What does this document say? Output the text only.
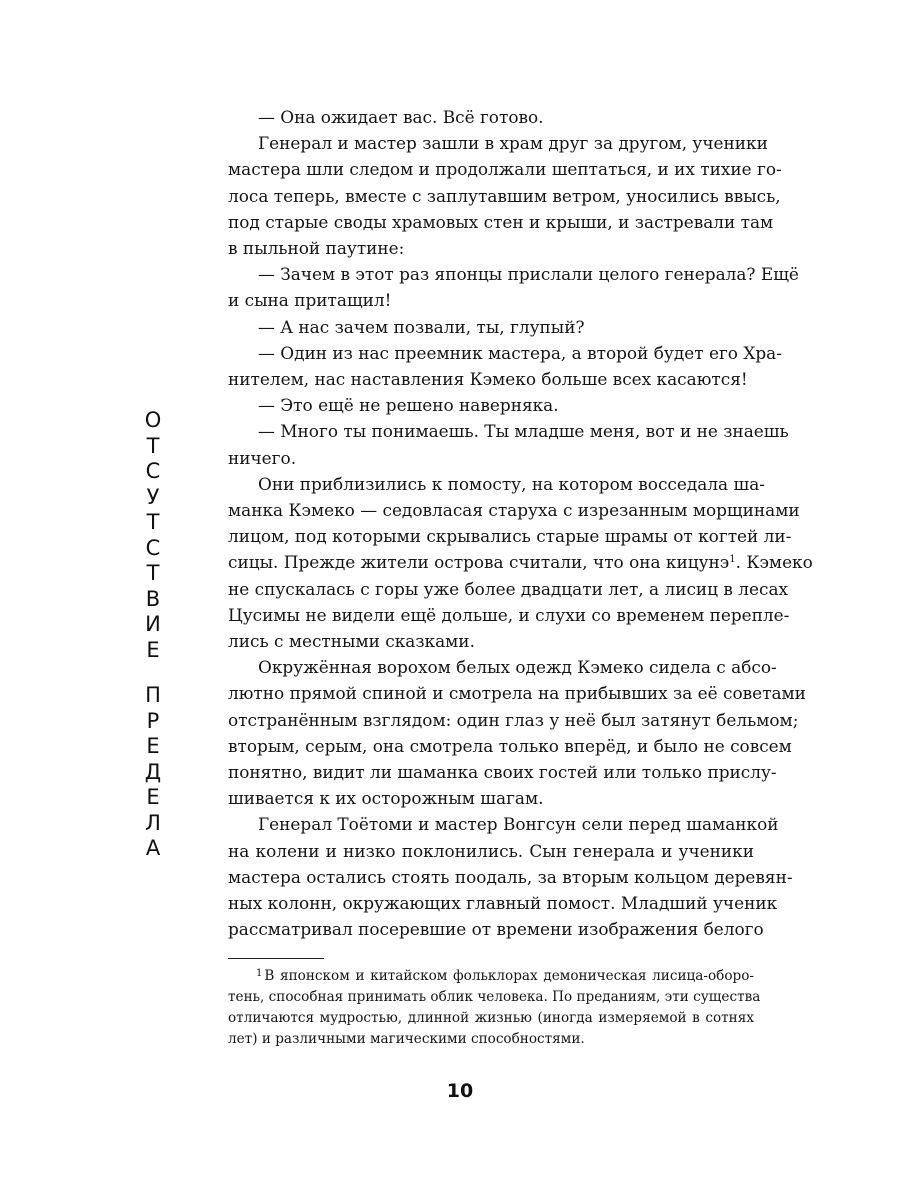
О
Т
С
У
Т
С
Т
В
И
Е
П
Р
Е
Д
Е
Л
А
— Она ожидает вас. Всё готово.
Генерал и мастер зашли в храм друг за другом, ученики
мастера шли следом и продолжали шептаться, и их тихие го-
лоса теперь, вместе с заплутавшим ветром, уносились ввысь,
под старые своды храмовых стен и крыши, и застревали там
в пыльной паутине:
— Зачем в этот раз японцы прислали целого генерала? Ещё
и сына притащил!
— А нас зачем позвали, ты, глупый?
— Один из нас преемник мастера, а второй будет его Хра-
нителем, нас наставления Кэмеко больше всех касаются!
— Это ещё не решено наверняка.
— Много ты понимаешь. Ты младше меня, вот и не знаешь
ничего.
Они приблизились к помосту, на котором восседала ша-
манка Кэмеко — седовласая старуха с изрезанным морщинами
лицом, под которыми скрывались старые шрамы от когтей ли-
сицы. Прежде жители острова считали, что она кицунэ$^1$. Кэмеко
не спускалась с горы уже более двадцати лет, а лисиц в лесах
Цусимы не видели ещё дольше, и слухи со временем перепле-
лись с местными сказками.
Окружённая ворохом белых одежд Кэмеко сидела с абсо-
лютно прямой спиной и смотрела на прибывших за её советами
отстранённым взглядом: один глаз у неё был затянут бельмом;
вторым, серым, она смотрела только вперёд, и было не совсем
понятно, видит ли шаманка своих гостей или только прислу-
шивается к их осторожным шагам.
Генерал Тоётоми и мастер Вонгсун сели перед шаманкой
на колени и низко поклонились. Сын генерала и ученики
мастера остались стоять поодаль, за вторым кольцом деревян-
ных колонн, окружающих главный помост. Младший ученик
рассматривал посеревшие от времени изображения белого
$^1$ В японском и китайском фольклорах демоническая лисица-оборо-
тень, способная принимать облик человека. По преданиям, эти существа
отличаются мудростью, длинной жизнью (иногда измеряемой в сотнях
лет) и различными магическими способностями.
10
